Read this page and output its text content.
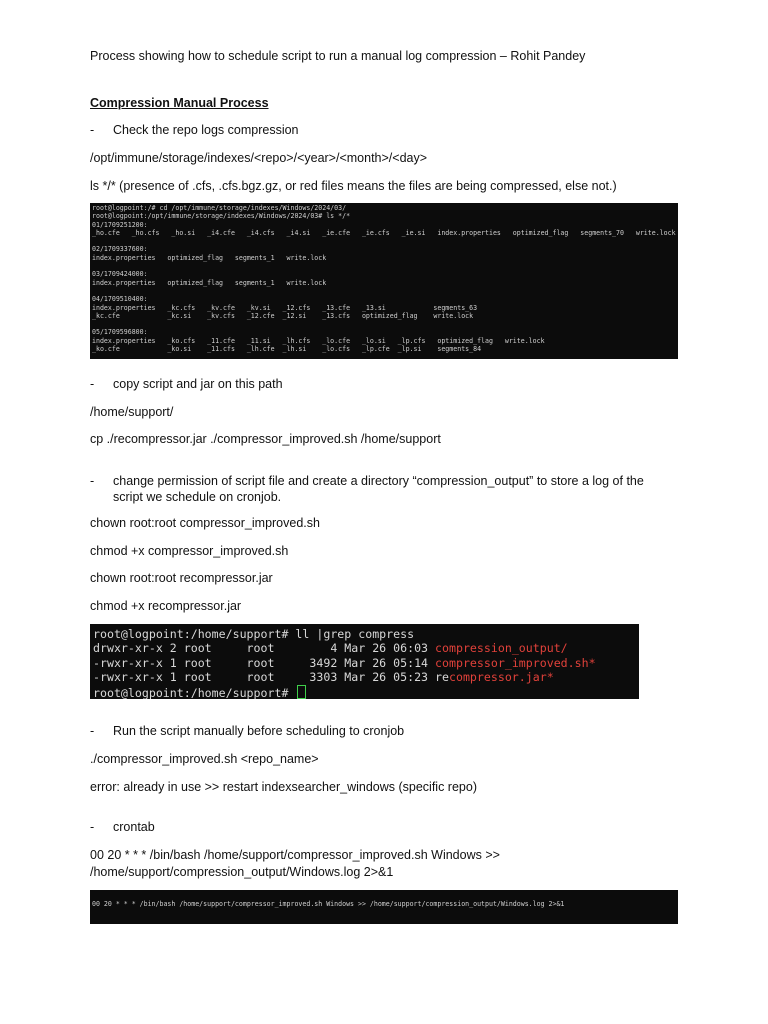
Process showing how to schedule script to run a manual log compression – Rohit Pandey
Compression Manual Process
- Check the repo logs compression
/opt/immune/storage/indexes/<repo>/<year>/<month>/<day>
ls */* (presence of .cfs, .cfs.bgz.gz, or red files means the files are being compressed, else not.)
root@logpoint:/# cd /opt/immune/storage/indexes/Windows/2024/03/
root@logpoint:/opt/immune/storage/indexes/Windows/2024/03# ls */*
01/1709251200:
_ho.cfe   _ho.cfs   _ho.si   _i4.cfe   _i4.cfs   _i4.si   _ie.cfe   _ie.cfs   _ie.si   index.properties   optimized_flag   segments_70   write.lock

02/1709337600:
index.properties   optimized_flag   segments_1   write.lock

03/1709424000:
index.properties   optimized_flag   segments_1   write.lock

04/1709510400:
index.properties   _kc.cfs   _kv.cfe   _kv.si   _12.cfs   _13.cfe   _13.si            segments_63
_kc.cfe            _kc.si    _kv.cfs   _12.cfe  _12.si    _13.cfs   optimized_flag    write.lock

05/1709596800:
index.properties   _ko.cfs   _11.cfe   _11.si   _lh.cfs   _lo.cfe   _lo.si   _lp.cfs   optimized_flag   write.lock
_ko.cfe            _ko.si    _11.cfs   _lh.cfe  _lh.si    _lo.cfs   _lp.cfe  _lp.si    segments_84
- copy script and jar on this path
/home/support/
cp ./recompressor.jar ./compressor_improved.sh /home/support
- change permission of script file and create a directory “compression_output” to store a log of the
script we schedule on cronjob.
chown root:root compressor_improved.sh
chmod +x compressor_improved.sh
chown root:root recompressor.jar
chmod +x recompressor.jar
root@logpoint:/home/support# ll |grep compress
drwxr-xr-x 2 root     root        4 Mar 26 06:03 compression_output/
-rwxr-xr-x 1 root     root     3492 Mar 26 05:14 compressor_improved.sh*
-rwxr-xr-x 1 root     root     3303 Mar 26 05:23 recompressor.jar*
root@logpoint:/home/support#
- Run the script manually before scheduling to cronjob
./compressor_improved.sh <repo_name>
error: already in use >> restart indexsearcher_windows (specific repo)
- crontab
00 20 * * * /bin/bash /home/support/compressor_improved.sh Windows >>
/home/support/compression_output/Windows.log 2>&1
00 20 * * * /bin/bash /home/support/compressor_improved.sh Windows >> /home/support/compression_output/Windows.log 2>&1
